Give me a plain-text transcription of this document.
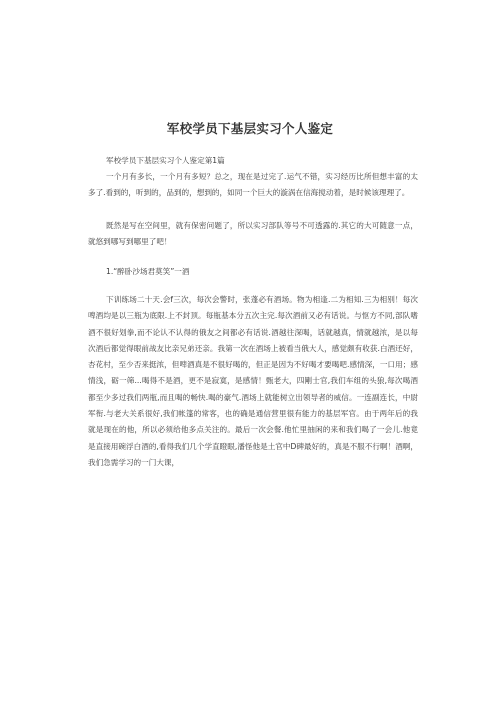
军校学员下基层实习个人鉴定
军校学员下基层实习个人鉴定第1篇
一个月有多长，一个月有多短？总之，现在是过完了.运气不错，实习经历比所但想丰富的太多了.看到的，听到的，品到的，想到的，如同一个巨大的漩涡在信海搅动着，是时候该理理了。
既然是写在空间里，就有保密问题了，所以实习部队等号不可透露的.其它的大可随意一点，就悠到哪写到哪里了吧！
1.“醉卧沙场君莫笑”一酒
下训练场二十天.会f三次，每次会警时，张蓬必有酒场。物为相逢.二为相知.三为相别！每次啤酒均是以三瓶为底限.上不封顶。每瓶基本分五次主完.每次酒前又必有话说。与怄方不同,部队嗜酒不很好划拳,而不论认不认得的俄友之间都必有话说.酒越往深喝，话就越真，情就越浓，是以每次酒后都觉得眼前战友比亲兄弟还亲。我第一次在酒场上被看当俄大人，感觉颇有收获.白酒还好，杏花村，至少否来挺浓，但啤酒真是不很好喝的，但正是因为不好喝才要喝吧.感情深，一口用；感情浅，砺一筛...喝得不是酒，更不是寂寞，是感情！甄老大，四剛士官,我们车组的头狼,每次喝酒都至少多过我们两瓶,而且喝的畅快.喝的豪气.酒场上就能树立出领导者的威信。一连副连长，中尉军衔.与老大关系很好,我们帐篷的常客，也的确是通信营里很有能力的基层军官。由于两年后的我就是现在的他，所以必须给他多点关注的。最后一次会餐.他忙里抽闲的来和我们喝了一会儿.他竟是直接用碗浮白酒的,看得我们几个学直瞪眼,潘怪他是土官中D碑最好的，真是不服不行啊！酒啊，我们急需学习的一门大课，
